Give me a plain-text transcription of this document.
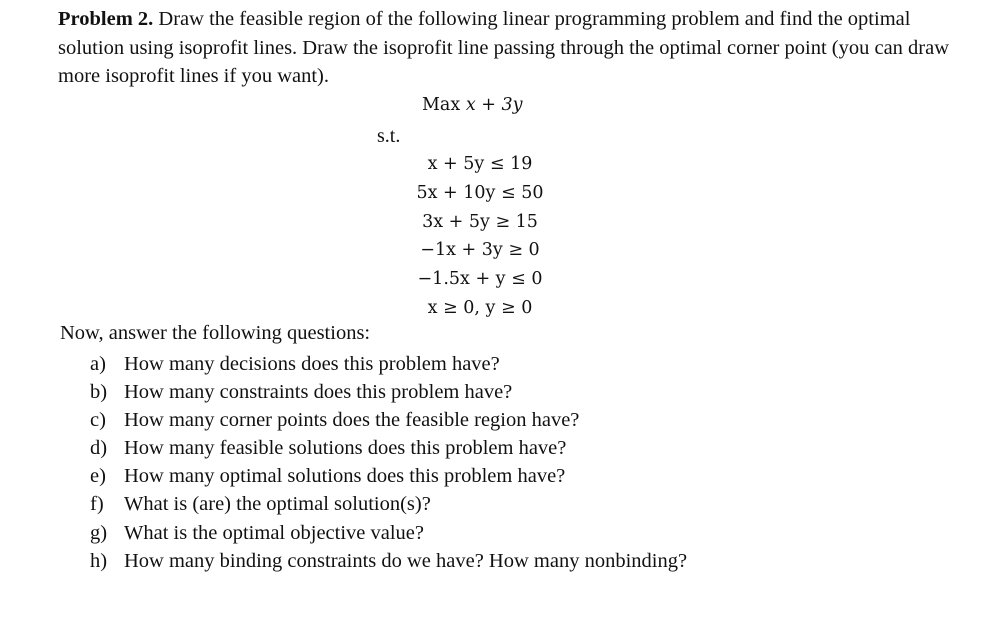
Problem 2. Draw the feasible region of the following linear programming problem and find the optimal solution using isoprofit lines. Draw the isoprofit line passing through the optimal corner point (you can draw more isoprofit lines if you want).

Max x + 3y
s.t.
x + 5y ≤ 19
5x + 10y ≤ 50
3x + 5y ≥ 15
−1x + 3y ≥ 0
−1.5x + y ≤ 0
x ≥ 0, y ≥ 0

Now, answer the following questions:

a) How many decisions does this problem have?
b) How many constraints does this problem have?
c) How many corner points does the feasible region have?
d) How many feasible solutions does this problem have?
e) How many optimal solutions does this problem have?
f) What is (are) the optimal solution(s)?
g) What is the optimal objective value?
h) How many binding constraints do we have? How many nonbinding?
